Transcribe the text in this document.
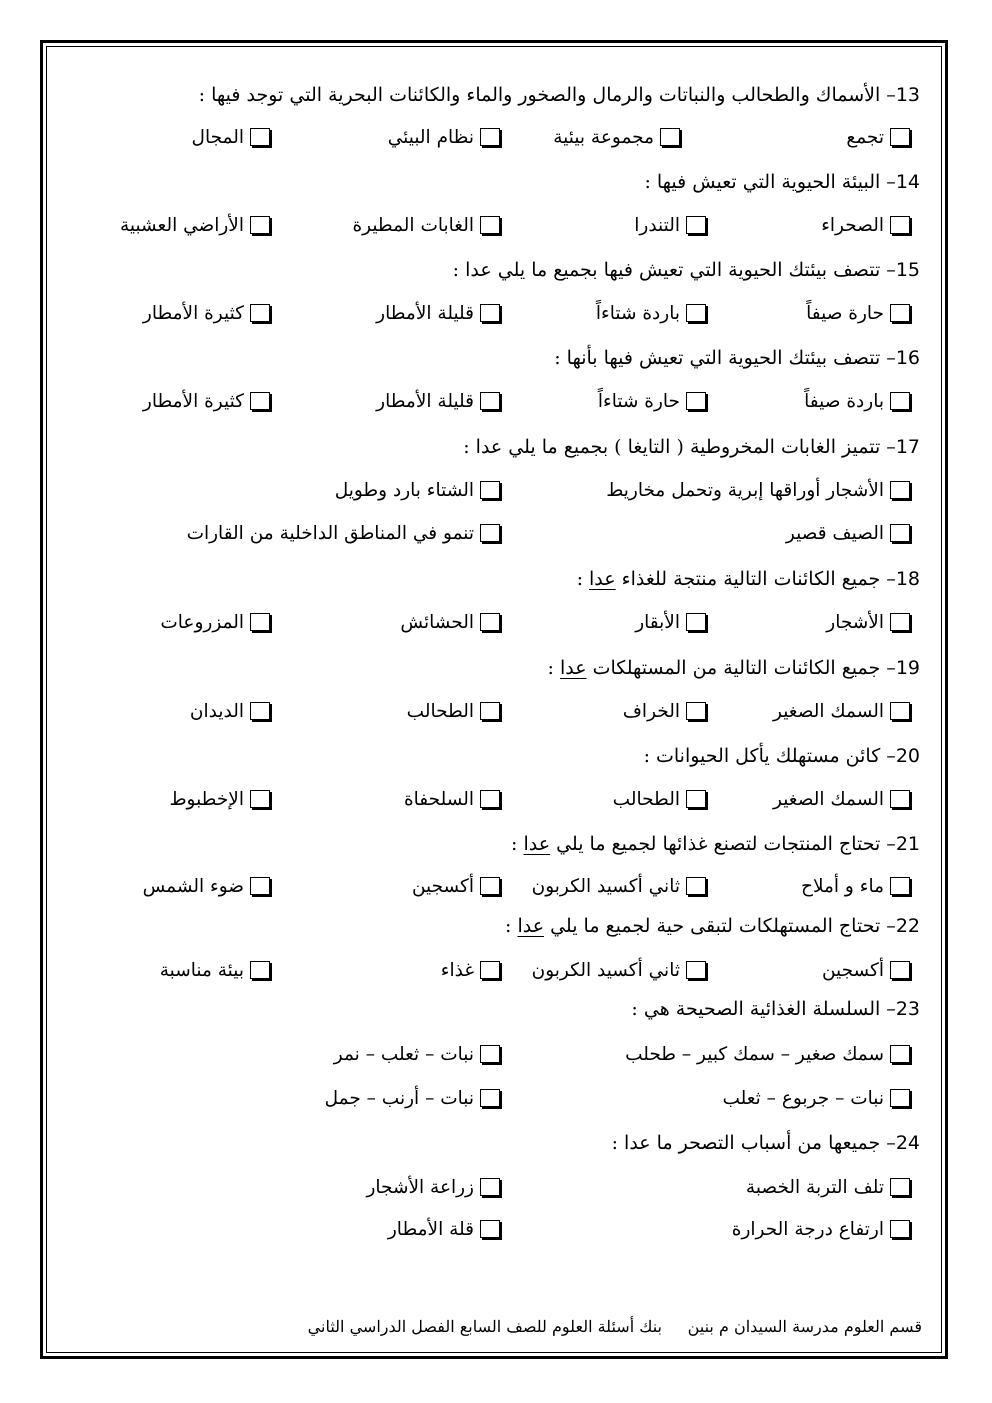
13– الأسماك والطحالب والنباتات والرمال والصخور والماء والكائنات البحرية التي توجد فيها :
تجمع
مجموعة بيئية
نظام البيئي
المجال
14– البيئة الحيوية التي تعيش فيها :
الصحراء
التندرا
الغابات المطيرة
الأراضي العشبية
15– تتصف بيئتك الحيوية التي تعيش فيها بجميع ما يلي عدا :
حارة صيفاً
باردة شتاءاً
قليلة الأمطار
كثيرة الأمطار
16– تتصف بيئتك الحيوية التي تعيش فيها بأنها :
باردة صيفاً
حارة شتاءاً
قليلة الأمطار
كثيرة الأمطار
17– تتميز الغابات المخروطية ( التايغا ) بجميع ما يلي عدا :
الأشجار أوراقها إبرية وتحمل مخاريط
الشتاء بارد وطويل
الصيف قصير
تنمو في المناطق الداخلية من القارات
18– جميع الكائنات التالية منتجة للغذاء عدا :
الأشجار
الأبقار
الحشائش
المزروعات
19– جميع الكائنات التالية من المستهلكات عدا :
السمك الصغير
الخراف
الطحالب
الديدان
20– كائن مستهلك يأكل الحيوانات :
السمك الصغير
الطحالب
السلحفاة
الإخطبوط
21– تحتاج المنتجات لتصنع غذائها لجميع ما يلي عدا :
ماء و أملاح
ثاني أكسيد الكربون
أكسجين
ضوء الشمس
22– تحتاج المستهلكات لتبقى حية لجميع ما يلي عدا :
أكسجين
ثاني أكسيد الكربون
غذاء
بيئة مناسبة
23– السلسلة الغذائية الصحيحة هي :
سمك صغير – سمك كبير – طحلب
نبات – ثعلب – نمر
نبات – جربوع – ثعلب
نبات – أرنب – جمل
24– جميعها من أسباب التصحر ما عدا :
تلف التربة الخصبة
زراعة الأشجار
ارتفاع درجة الحرارة
قلة الأمطار
قسم العلوم مدرسة السيدان م بنين
بنك أسئلة العلوم للصف السابع الفصل الدراسي الثاني
